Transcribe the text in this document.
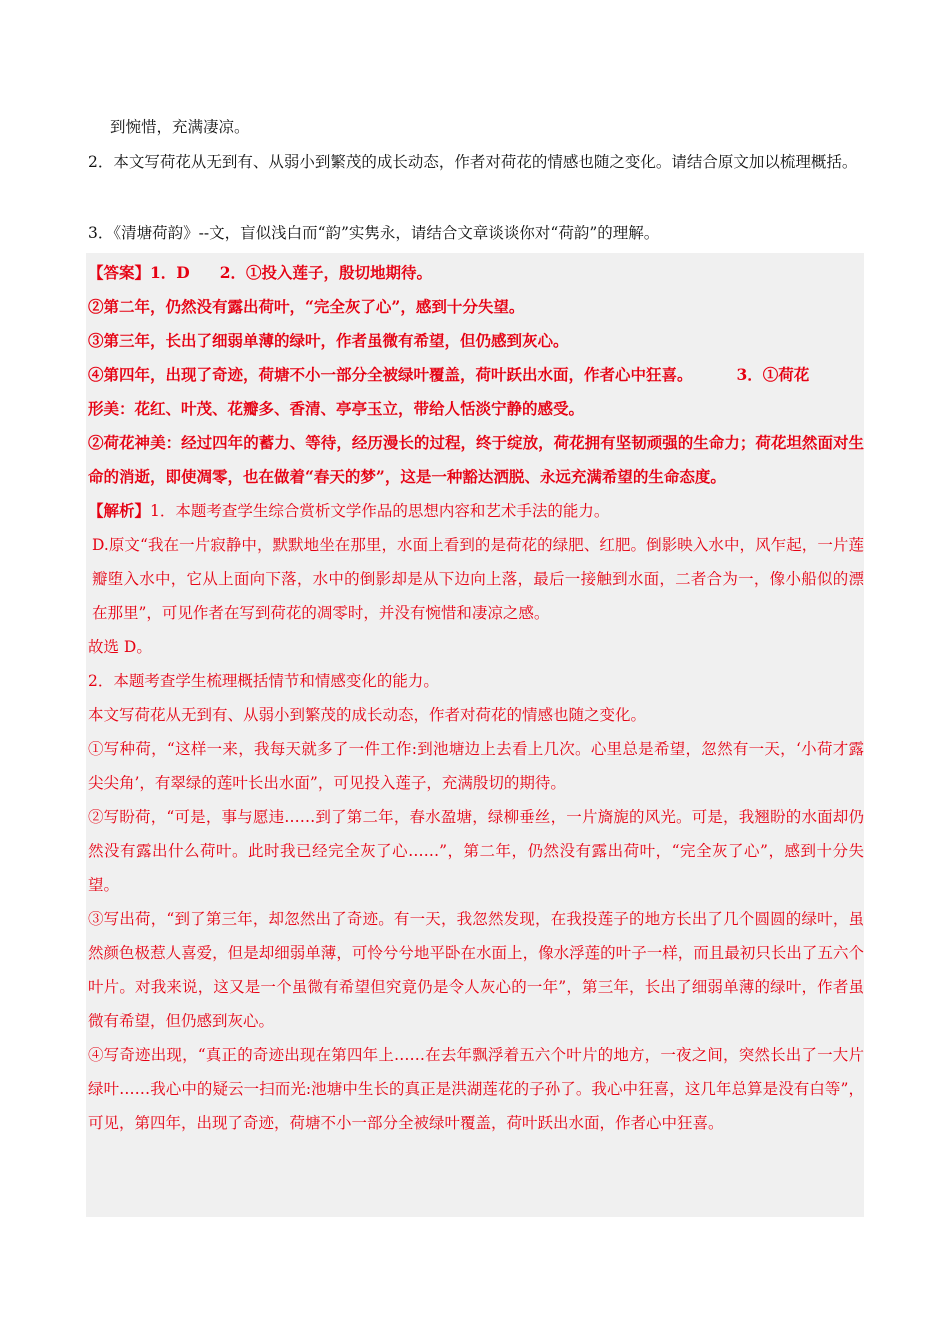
到惋惜，充满凄凉。

2．本文写荷花从无到有、从弱小到繁茂的成长动态，作者对荷花的情感也随之变化。请结合原文加以梳理概括。

3．《清塘荷韵》--文，盲似浅白而“韵”实隽永，请结合文章谈谈你对“荷韵”的理解。

【答案】1．D 2．①投入莲子，殷切地期待。

②第二年，仍然没有露出荷叶，“完全灰了心”，感到十分失望。

③第三年，长出了细弱单薄的绿叶，作者虽微有希望，但仍感到灰心。

④第四年，出现了奇迹，荷塘不小一部分全被绿叶覆盖，荷叶跃出水面，作者心中狂喜。	3．①荷花

形美：花红、叶茂、花瓣多、香清、亭亭玉立，带给人恬淡宁静的感受。

②荷花神美：经过四年的蓄力、等待，经历漫长的过程，终于绽放，荷花拥有坚韧顽强的生命力；荷花坦然面对生命的消逝，即使凋零，也在做着“春天的梦”，这是一种豁达洒脱、永远充满希望的生命态度。

【解析】1．本题考查学生综合赏析文学作品的思想内容和艺术手法的能力。

D.原文“我在一片寂静中，默默地坐在那里，水面上看到的是荷花的绿肥、红肥。倒影映入水中，风乍起，一片莲瓣堕入水中，它从上面向下落，水中的倒影却是从下边向上落，最后一接触到水面，二者合为一，像小船似的漂在那里”，可见作者在写到荷花的凋零时，并没有惋惜和凄凉之感。

故选 D。

2．本题考查学生梳理概括情节和情感变化的能力。

本文写荷花从无到有、从弱小到繁茂的成长动态，作者对荷花的情感也随之变化。

①写种荷，“这样一来，我每天就多了一件工作:到池塘边上去看上几次。心里总是希望，忽然有一天，‘小荷才露尖尖角’，有翠绿的莲叶长出水面”，可见投入莲子，充满殷切的期待。

②写盼荷，“可是，事与愿违……到了第二年，春水盈塘，绿柳垂丝，一片旖旎的风光。可是，我翘盼的水面却仍然没有露出什么荷叶。此时我已经完全灰了心……”，第二年，仍然没有露出荷叶，“完全灰了心”，感到十分失望。

③写出荷，“到了第三年，却忽然出了奇迹。有一天，我忽然发现，在我投莲子的地方长出了几个圆圆的绿叶，虽然颜色极惹人喜爱，但是却细弱单薄，可怜兮兮地平卧在水面上，像水浮莲的叶子一样，而且最初只长出了五六个叶片。对我来说，这又是一个虽微有希望但究竟仍是令人灰心的一年”，第三年，长出了细弱单薄的绿叶，作者虽微有希望，但仍感到灰心。

④写奇迹出现，“真正的奇迹出现在第四年上……在去年飘浮着五六个叶片的地方，一夜之间，突然长出了一大片绿叶……我心中的疑云一扫而光:池塘中生长的真正是洪湖莲花的子孙了。我心中狂喜，这几年总算是没有白等”，可见，第四年，出现了奇迹，荷塘不小一部分全被绿叶覆盖，荷叶跃出水面，作者心中狂喜。
